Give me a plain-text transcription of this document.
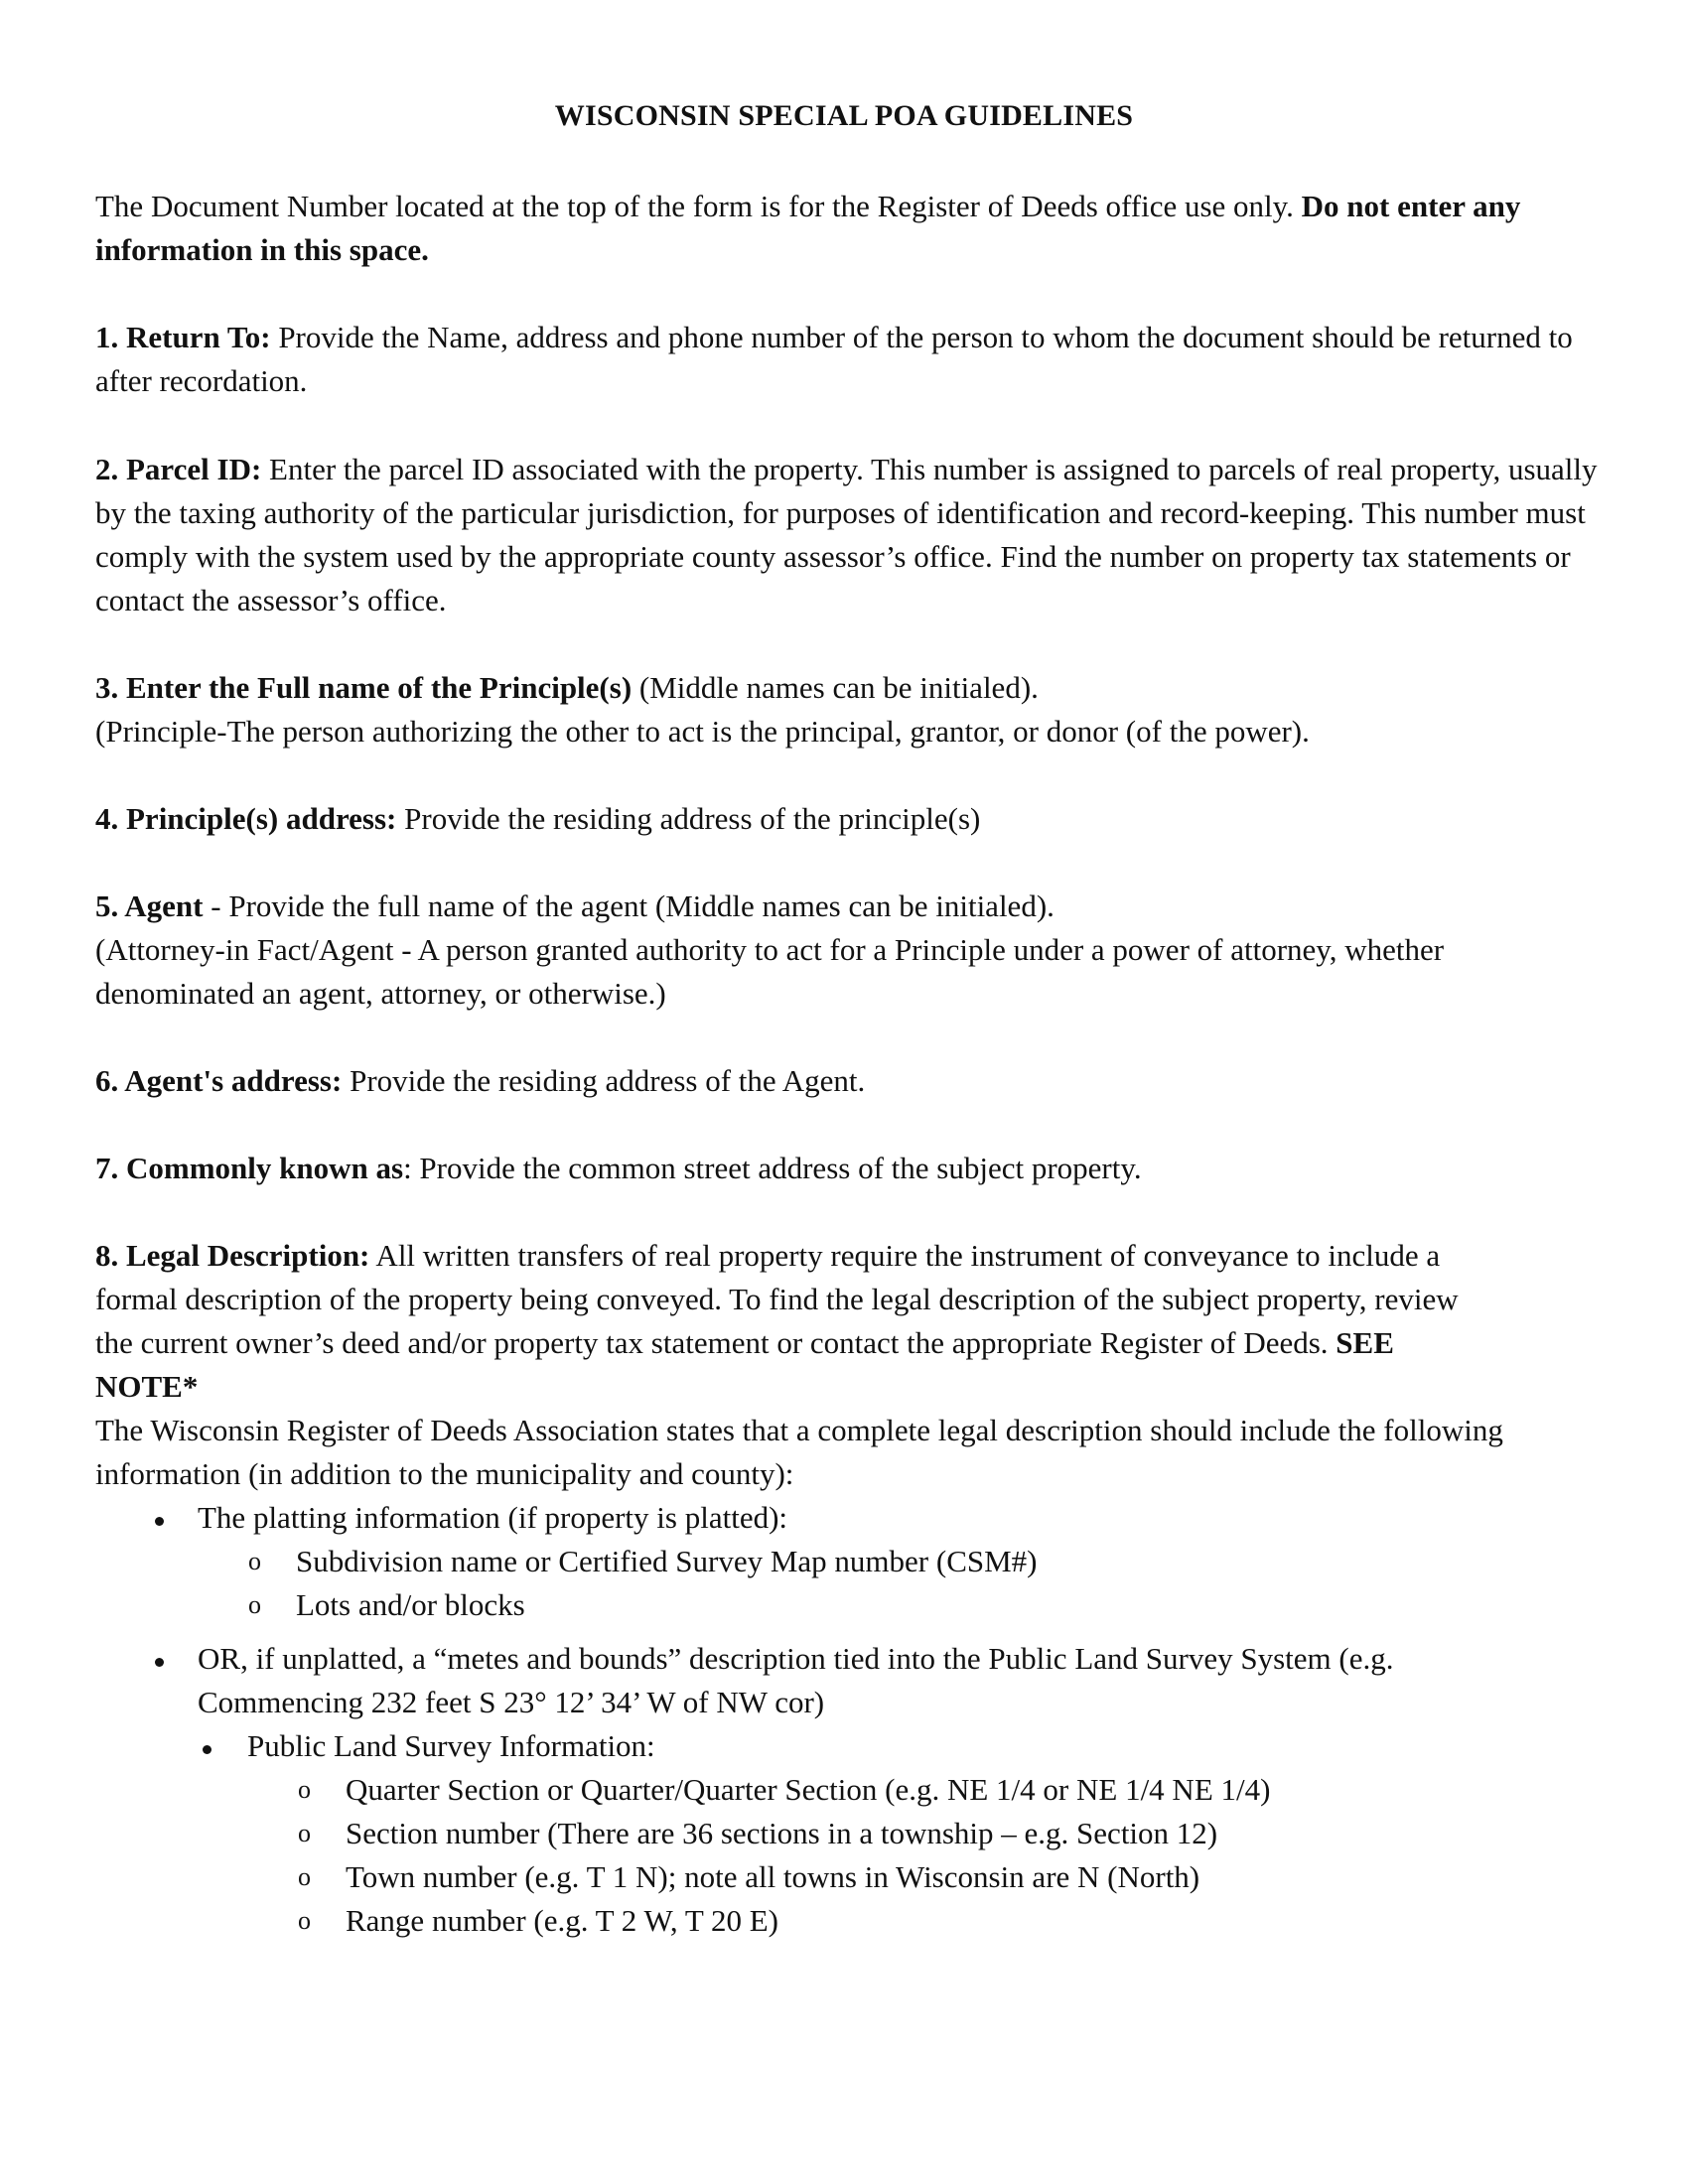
WISCONSIN SPECIAL POA GUIDELINES
The Document Number located at the top of the form is for the Register of Deeds office use only. Do not enter any information in this space.
1. Return To: Provide the Name, address and phone number of the person to whom the document should be returned to after recordation.
2. Parcel ID: Enter the parcel ID associated with the property. This number is assigned to parcels of real property, usually by the taxing authority of the particular jurisdiction, for purposes of identification and record-keeping. This number must comply with the system used by the appropriate county assessor’s office. Find the number on property tax statements or contact the assessor’s office.
3. Enter the Full name of the Principle(s) (Middle names can be initialed).
(Principle-The person authorizing the other to act is the principal, grantor, or donor (of the power).
4. Principle(s) address: Provide the residing address of the principle(s)
5. Agent - Provide the full name of the agent (Middle names can be initialed).
(Attorney-in Fact/Agent - A person granted authority to act for a Principle under a power of attorney, whether denominated an agent, attorney, or otherwise.)
6. Agent's address: Provide the residing address of the Agent.
7. Commonly known as: Provide the common street address of the subject property.
8. Legal Description: All written transfers of real property require the instrument of conveyance to include a formal description of the property being conveyed. To find the legal description of the subject property, review the current owner’s deed and/or property tax statement or contact the appropriate Register of Deeds. SEE NOTE*
The Wisconsin Register of Deeds Association states that a complete legal description should include the following information (in addition to the municipality and county):
The platting information (if property is platted):
o Subdivision name or Certified Survey Map number (CSM#)
o Lots and/or blocks
OR, if unplatted, a “metes and bounds” description tied into the Public Land Survey System (e.g.
Commencing 232 feet S 23° 12’ 34’ W of NW cor)
Public Land Survey Information:
o Quarter Section or Quarter/Quarter Section (e.g. NE 1/4 or NE 1/4 NE 1/4)
o Section number (There are 36 sections in a township – e.g. Section 12)
o Town number (e.g. T 1 N); note all towns in Wisconsin are N (North)
o Range number (e.g. T 2 W, T 20 E)
